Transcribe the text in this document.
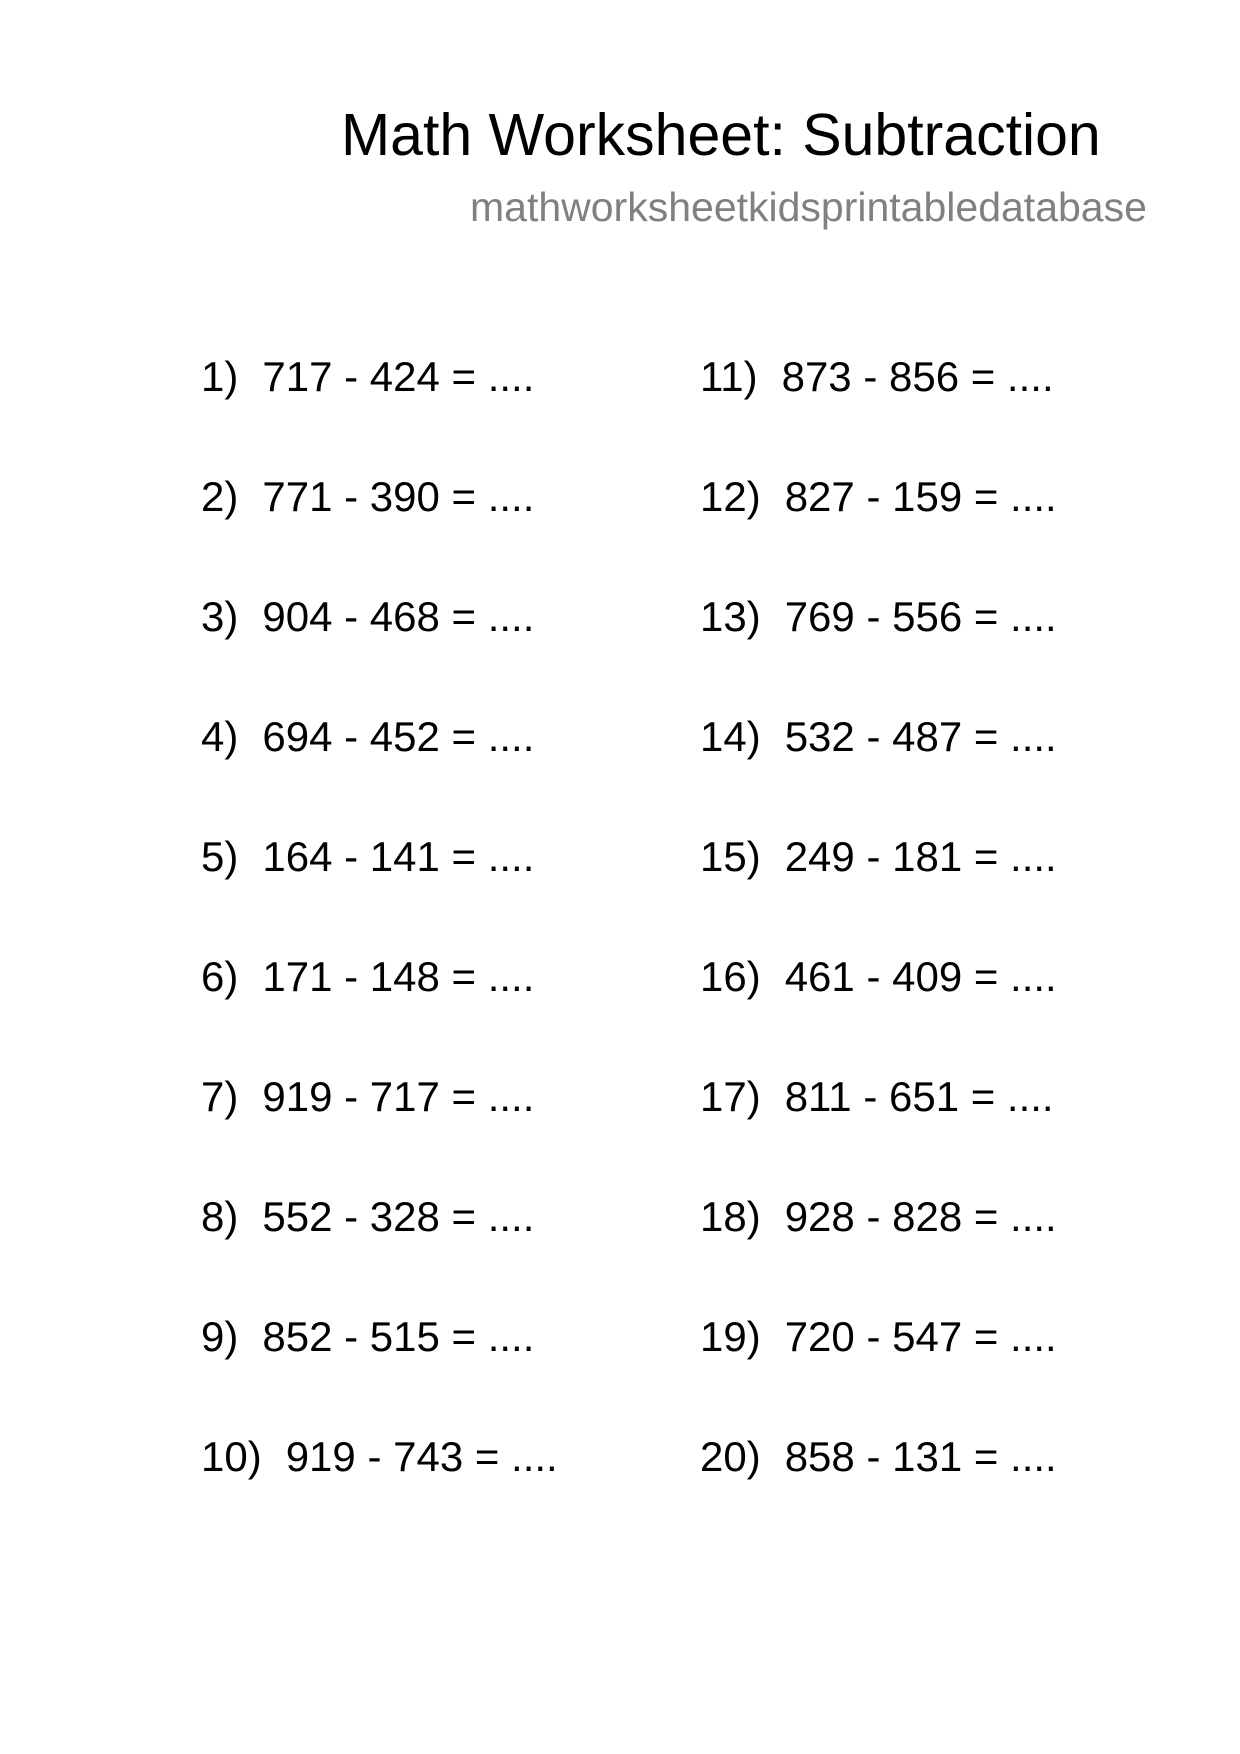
Math Worksheet: Subtraction
mathworksheetkidsprintabledatabase
1) 717 - 424 = ....
2) 771 - 390 = ....
3) 904 - 468 = ....
4) 694 - 452 = ....
5) 164 - 141 = ....
6) 171 - 148 = ....
7) 919 - 717 = ....
8) 552 - 328 = ....
9) 852 - 515 = ....
10) 919 - 743 = ....
11) 873 - 856 = ....
12) 827 - 159 = ....
13) 769 - 556 = ....
14) 532 - 487 = ....
15) 249 - 181 = ....
16) 461 - 409 = ....
17) 811 - 651 = ....
18) 928 - 828 = ....
19) 720 - 547 = ....
20) 858 - 131 = ....
